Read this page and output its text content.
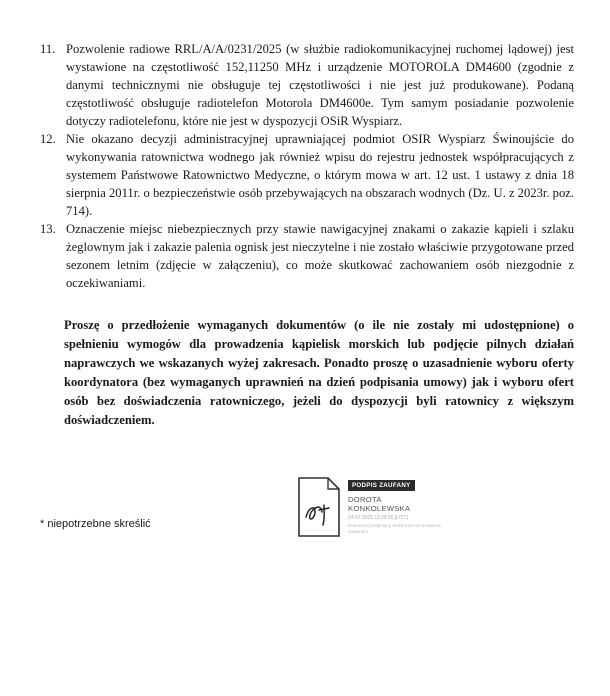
11. Pozwolenie radiowe RRL/A/A/0231/2025 (w służbie radiokomunikacyjnej ruchomej lądowej) jest wystawione na częstotliwość 152,11250 MHz i urządzenie MOTOROLA DM4600 (zgodnie z danymi technicznymi nie obsługuje tej częstotliwości i nie jest już produkowane). Podaną częstotliwość obsługuje radiotelefon Motorola DM4600e. Tym samym posiadanie pozwolenie dotyczy radiotelefonu, które nie jest w dyspozycji OSiR Wyspiarz.
12. Nie okazano decyzji administracyjnej uprawniającej podmiot OSIR Wyspiarz Świnoujście do wykonywania ratownictwa wodnego jak również wpisu do rejestru jednostek współpracujących z systemem Państwowe Ratownictwo Medyczne, o którym mowa w art. 12 ust. 1 ustawy z dnia 18 sierpnia 2011r. o bezpieczeństwie osób przebywających na obszarach wodnych (Dz. U. z 2023r. poz. 714).
13. Oznaczenie miejsc niebezpiecznych przy stawie nawigacyjnej znakami o zakazie kąpieli i szlaku żeglownym jak i zakazie palenia ognisk jest nieczytelne i nie zostało właściwie przygotowane przed sezonem letnim (zdjęcie w załączeniu), co może skutkować zachowaniem osób niezgodnie z oczekiwaniami.

Proszę o przedłożenie wymaganych dokumentów (o ile nie zostały mi udostępnione) o spełnieniu wymogów dla prowadzenia kąpielisk morskich lub podjęcie pilnych działań naprawczych we wskazanych wyżej zakresach. Ponadto proszę o uzasadnienie wyboru oferty koordynatora (bez wymaganych uprawnień na dzień podpisania umowy) jak i wyboru ofert osób bez doświadczenia ratowniczego, jeżeli do dyspozycji byli ratownicy z większym doświadczeniem.

PODPIS ZAUFANY
DOROTA
KONKOLEWSKA
14.07.2025 11:29:55 [UTC]
Dokument podpisany elektronicznie podpisem zaufanym
* niepotrzebne skreślić
